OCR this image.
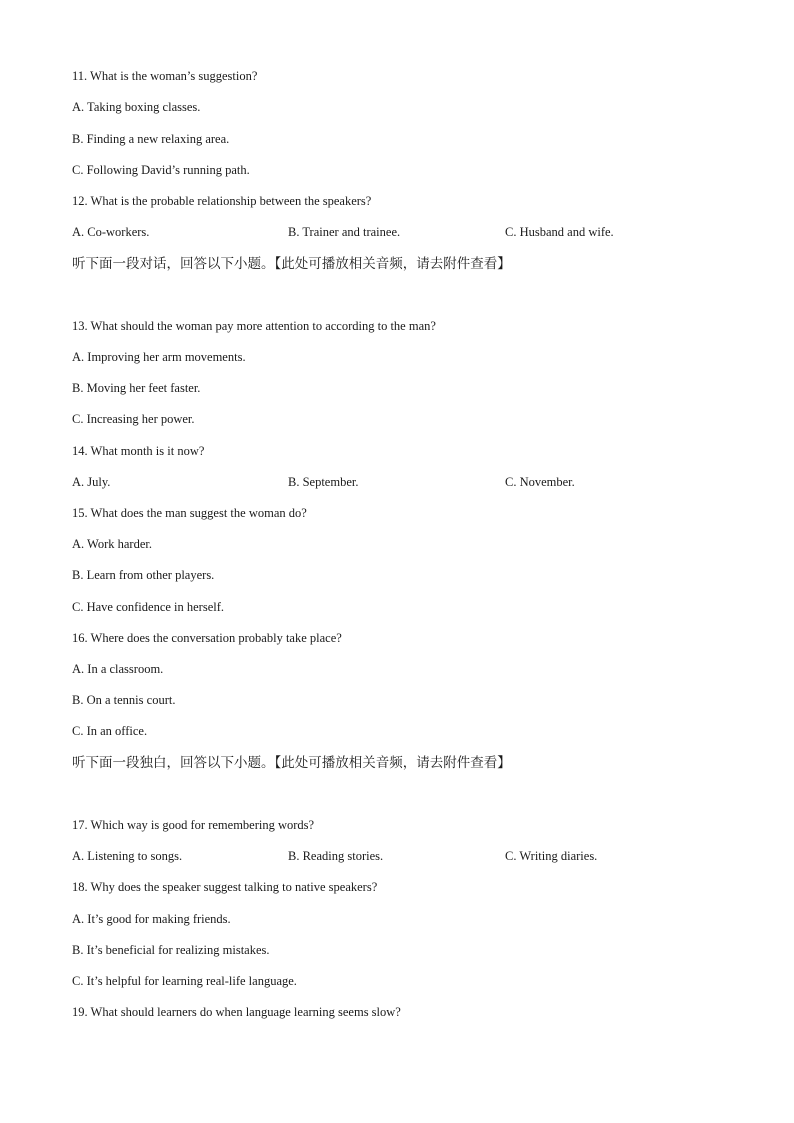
11. What is the woman’s suggestion?
A. Taking boxing classes.
B. Finding a new relaxing area.
C. Following David’s running path.
12. What is the probable relationship between the speakers?
A. Co-workers.	B. Trainer and trainee.	C. Husband and wife.
听下面一段对话，回答以下小题。【此处可播放相关音频，请去附件查看】
13. What should the woman pay more attention to according to the man?
A. Improving her arm movements.
B. Moving her feet faster.
C. Increasing her power.
14. What month is it now?
A. July.	B. September.	C. November.
15. What does the man suggest the woman do?
A. Work harder.
B. Learn from other players.
C. Have confidence in herself.
16. Where does the conversation probably take place?
A. In a classroom.
B. On a tennis court.
C. In an office.
听下面一段独白，回答以下小题。【此处可播放相关音频，请去附件查看】
17. Which way is good for remembering words?
A. Listening to songs.	B. Reading stories.	C. Writing diaries.
18. Why does the speaker suggest talking to native speakers?
A. It’s good for making friends.
B. It’s beneficial for realizing mistakes.
C. It’s helpful for learning real-life language.
19. What should learners do when language learning seems slow?
